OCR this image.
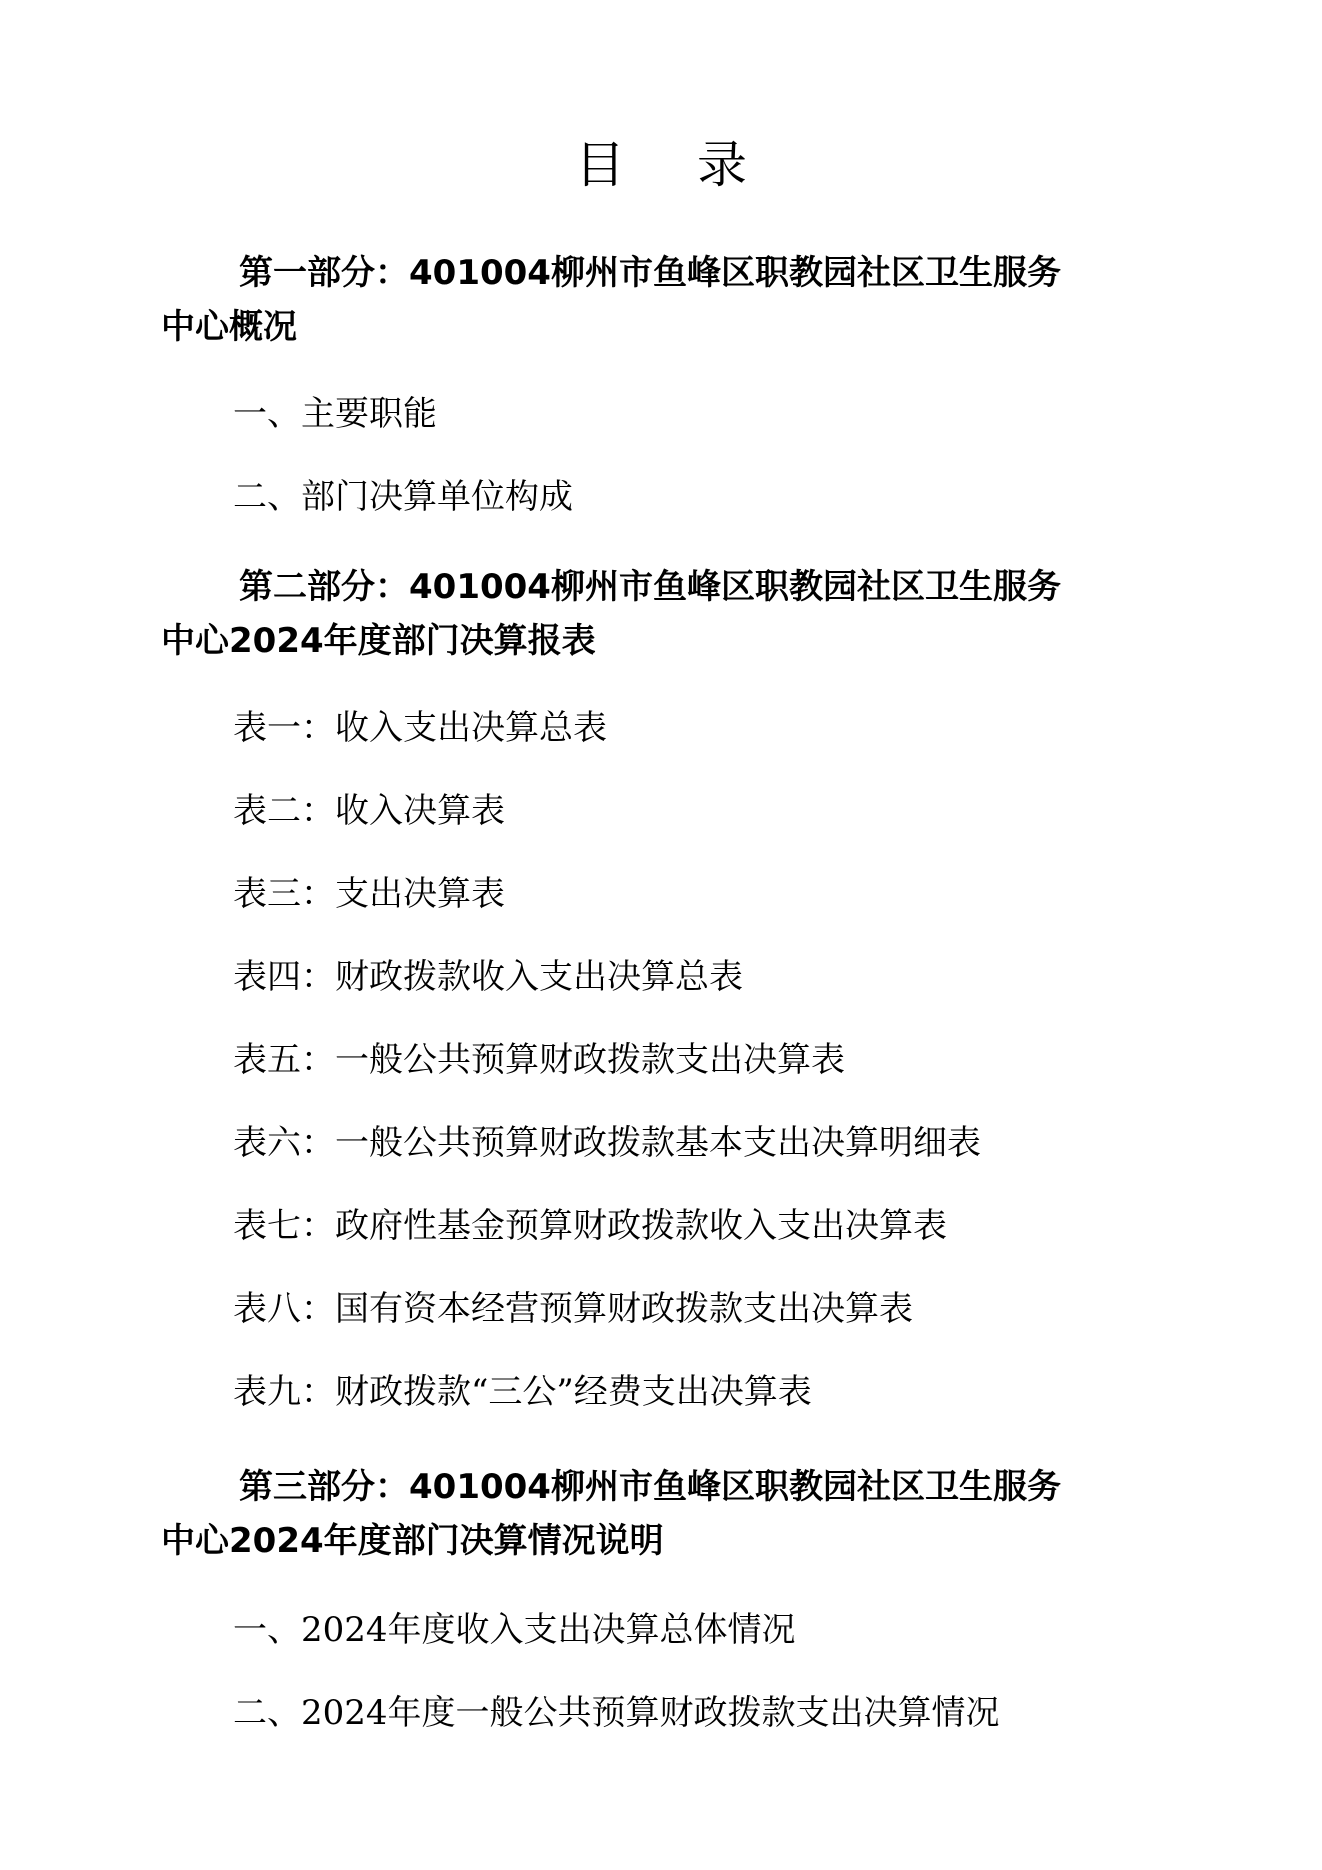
目 录
第一部分：401004柳州市鱼峰区职教园社区卫生服务中心概况
一、主要职能
二、部门决算单位构成
第二部分：401004柳州市鱼峰区职教园社区卫生服务中心2024年度部门决算报表
表一：收入支出决算总表
表二：收入决算表
表三：支出决算表
表四：财政拨款收入支出决算总表
表五：一般公共预算财政拨款支出决算表
表六：一般公共预算财政拨款基本支出决算明细表
表七：政府性基金预算财政拨款收入支出决算表
表八：国有资本经营预算财政拨款支出决算表
表九：财政拨款“三公”经费支出决算表
第三部分：401004柳州市鱼峰区职教园社区卫生服务中心2024年度部门决算情况说明
一、2024年度收入支出决算总体情况
二、2024年度一般公共预算财政拨款支出决算情况
